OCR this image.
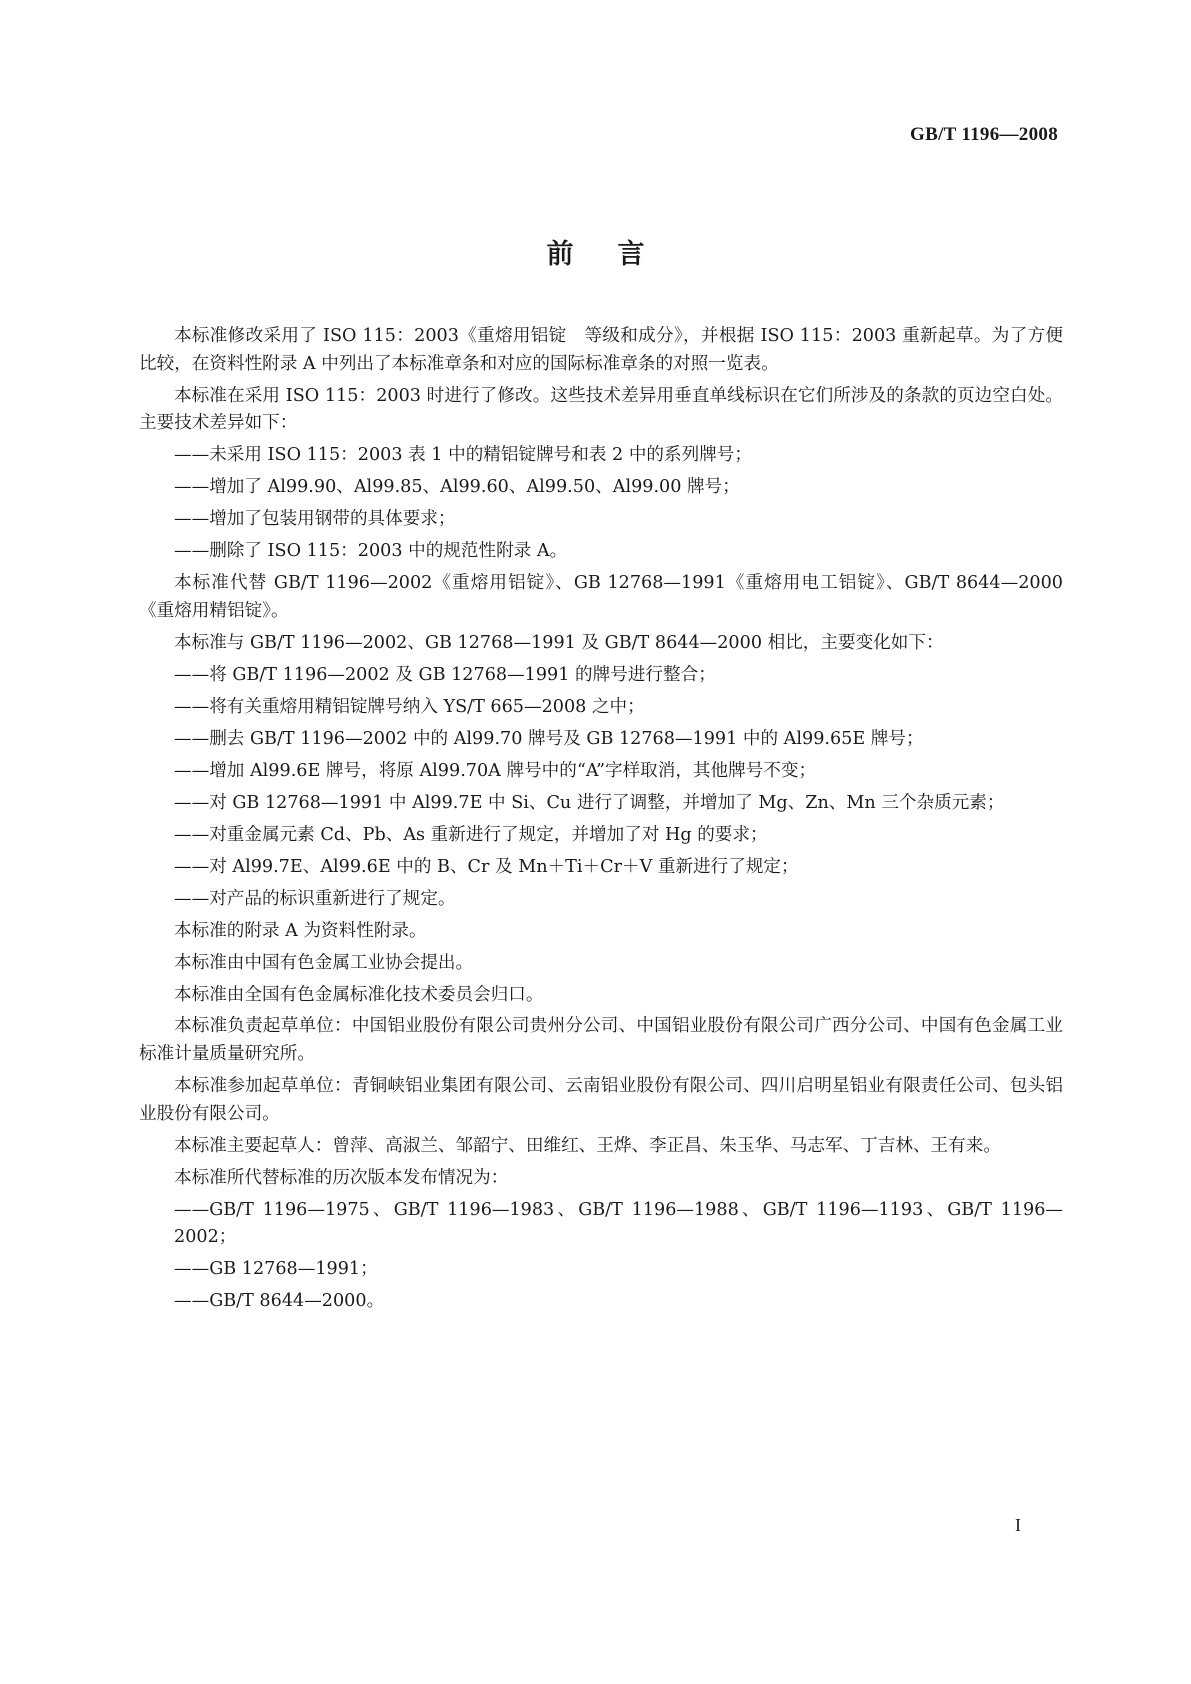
GB/T 1196—2008
前言

本标准修改采用了 ISO 115：2003《重熔用铝锭　等级和成分》，并根据 ISO 115：2003 重新起草。为了方便比较，在资料性附录 A 中列出了本标准章条和对应的国际标准章条的对照一览表。

本标准在采用 ISO 115：2003 时进行了修改。这些技术差异用垂直单线标识在它们所涉及的条款的页边空白处。主要技术差异如下：

——未采用 ISO 115：2003 表 1 中的精铝锭牌号和表 2 中的系列牌号；

——增加了 Al99.90、Al99.85、Al99.60、Al99.50、Al99.00 牌号；

——增加了包装用钢带的具体要求；

——删除了 ISO 115：2003 中的规范性附录 A。

本标准代替 GB/T 1196—2002《重熔用铝锭》、GB 12768—1991《重熔用电工铝锭》、GB/T 8644—2000《重熔用精铝锭》。

本标准与 GB/T 1196—2002、GB 12768—1991 及 GB/T 8644—2000 相比，主要变化如下：

——将 GB/T 1196—2002 及 GB 12768—1991 的牌号进行整合；

——将有关重熔用精铝锭牌号纳入 YS/T 665—2008 之中；

——删去 GB/T 1196—2002 中的 Al99.70 牌号及 GB 12768—1991 中的 Al99.65E 牌号；

——增加 Al99.6E 牌号，将原 Al99.70A 牌号中的“A”字样取消，其他牌号不变；

——对 GB 12768—1991 中 Al99.7E 中 Si、Cu 进行了调整，并增加了 Mg、Zn、Mn 三个杂质元素；

——对重金属元素 Cd、Pb、As 重新进行了规定，并增加了对 Hg 的要求；

——对 Al99.7E、Al99.6E 中的 B、Cr 及 Mn＋Ti＋Cr＋V 重新进行了规定；

——对产品的标识重新进行了规定。

本标准的附录 A 为资料性附录。

本标准由中国有色金属工业协会提出。

本标准由全国有色金属标准化技术委员会归口。

本标准负责起草单位：中国铝业股份有限公司贵州分公司、中国铝业股份有限公司广西分公司、中国有色金属工业标准计量质量研究所。

本标准参加起草单位：青铜峡铝业集团有限公司、云南铝业股份有限公司、四川启明星铝业有限责任公司、包头铝业股份有限公司。

本标准主要起草人：曾萍、高淑兰、邹韶宁、田维红、王烨、李正昌、朱玉华、马志军、丁吉林、王有来。

本标准所代替标准的历次版本发布情况为：

——GB/T 1196—1975、GB/T 1196—1983、GB/T 1196—1988、GB/T 1196—1193、GB/T 1196—2002；

——GB 12768—1991；

——GB/T 8644—2000。

I
